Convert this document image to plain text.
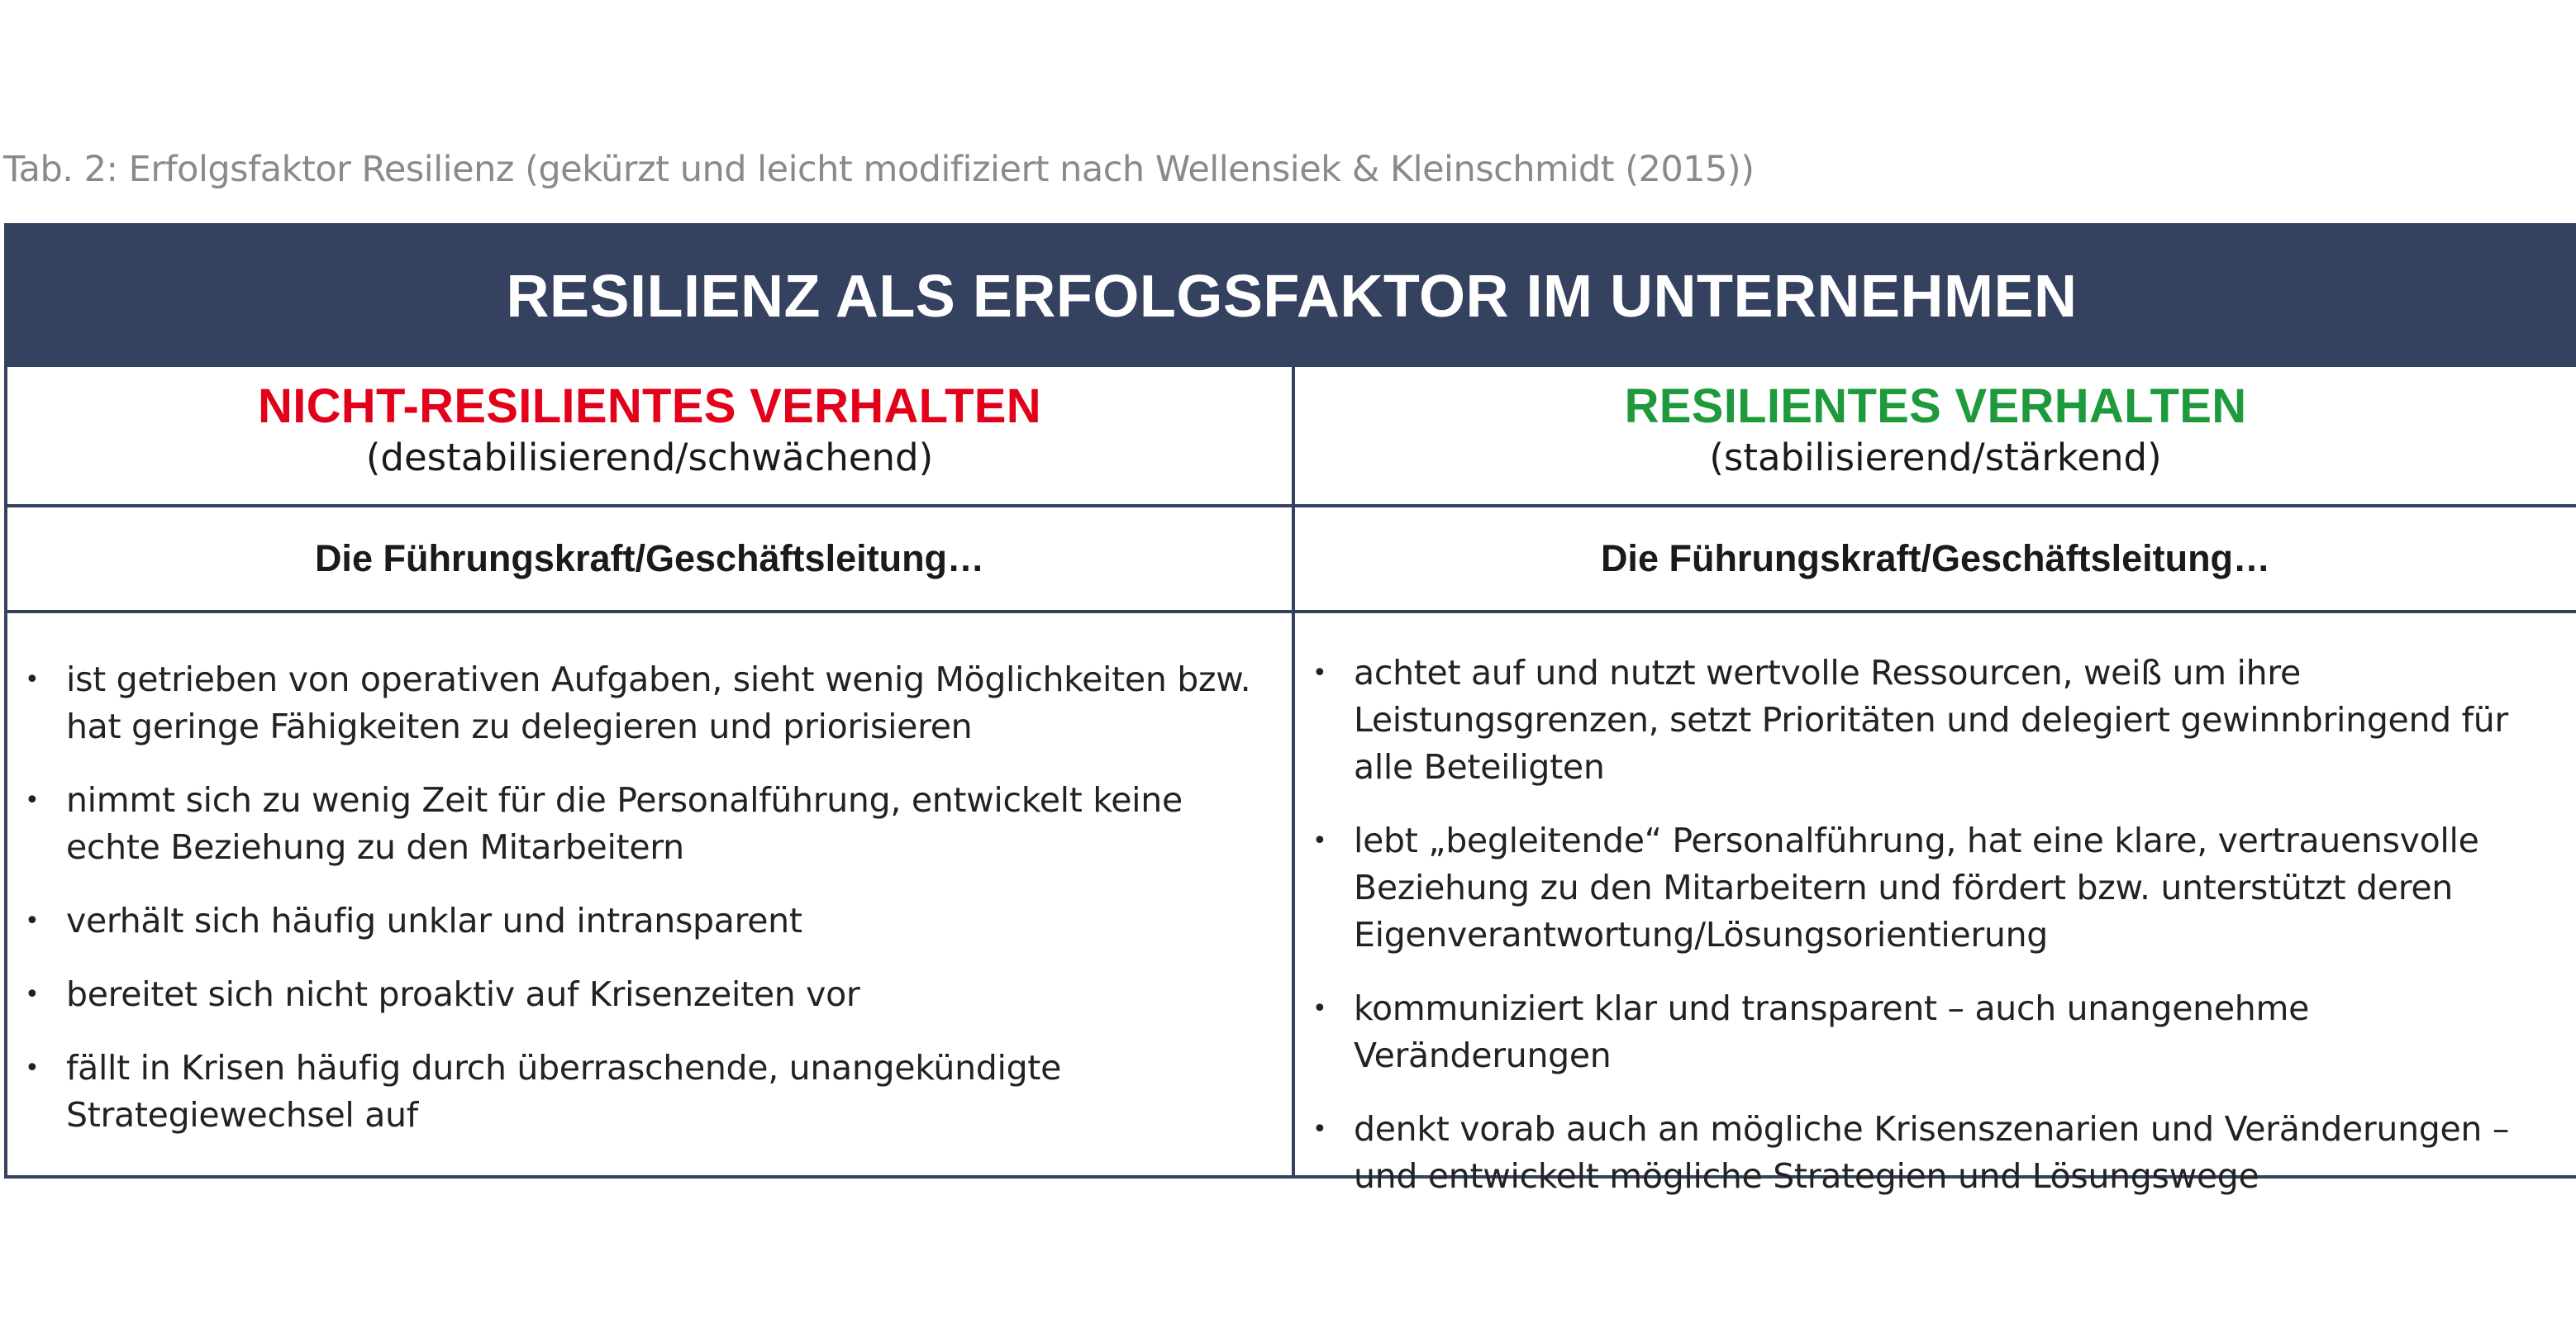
Tab. 2: Erfolgsfaktor Resilienz (gekürzt und leicht modifiziert nach Wellensiek & Kleinschmidt (2015))
RESILIENZ ALS ERFOLGSFAKTOR IM UNTERNEHMEN
NICHT-RESILIENTES VERHALTEN
(destabilisierend/schwächend)
RESILIENTES VERHALTEN
(stabilisierend/stärkend)
Die Führungskraft/Geschäftsleitung…	Die Führungskraft/Geschäftsleitung…
• ist getrieben von operativen Aufgaben, sieht wenig Möglichkeiten bzw. hat geringe Fähigkeiten zu delegieren und priorisieren
• nimmt sich zu wenig Zeit für die Personalführung, entwickelt keine echte Beziehung zu den Mitarbeitern
• verhält sich häufig unklar und intransparent
• bereitet sich nicht proaktiv auf Krisenzeiten vor
• fällt in Krisen häufig durch überraschende, unangekündigte Strategiewechsel auf
• achtet auf und nutzt wertvolle Ressourcen, weiß um ihre Leistungsgrenzen, setzt Prioritäten und delegiert gewinnbringend für alle Beteiligten
• lebt „begleitende“ Personalführung, hat eine klare, vertrauensvolle Beziehung zu den Mitarbeitern und fördert bzw. unterstützt deren Eigenverantwortung/Lösungsorientierung
• kommuniziert klar und transparent – auch unangenehme Veränderungen
• denkt vorab auch an mögliche Krisenszenarien und Veränderungen – und entwickelt mögliche Strategien und Lösungswege
